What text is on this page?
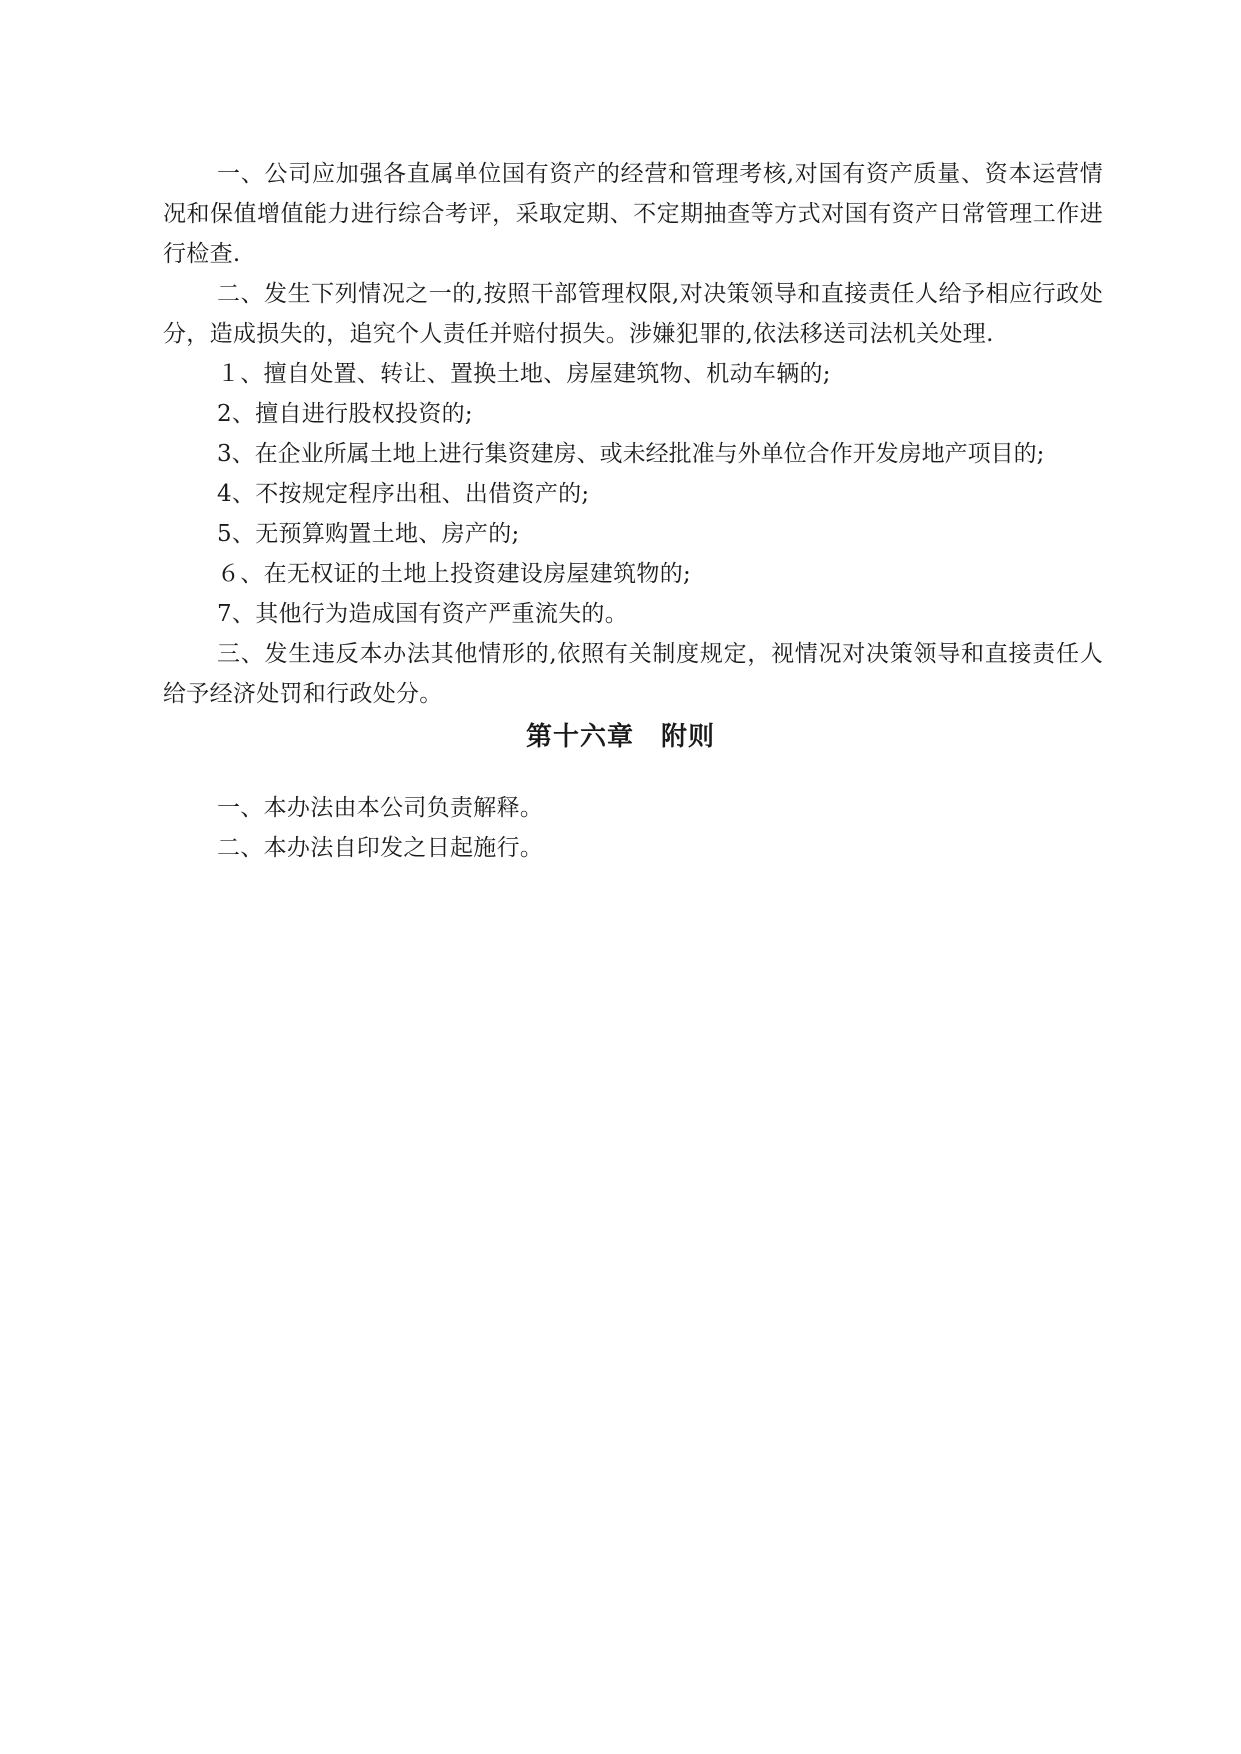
一、公司应加强各直属单位国有资产的经营和管理考核,对国有资产质量、资本运营情况和保值增值能力进行综合考评，采取定期、不定期抽查等方式对国有资产日常管理工作进行检查.

二、发生下列情况之一的,按照干部管理权限,对决策领导和直接责任人给予相应行政处分，造成损失的，追究个人责任并赔付损失。涉嫌犯罪的,依法移送司法机关处理.

１、擅自处置、转让、置换土地、房屋建筑物、机动车辆的;

2、擅自进行股权投资的;

3、在企业所属土地上进行集资建房、或未经批准与外单位合作开发房地产项目的;

4、不按规定程序出租、出借资产的;

5、无预算购置土地、房产的;

６、在无权证的土地上投资建设房屋建筑物的;

7、其他行为造成国有资产严重流失的。

三、发生违反本办法其他情形的,依照有关制度规定，视情况对决策领导和直接责任人给予经济处罚和行政处分。

第十六章　附则

一、本办法由本公司负责解释。

二、本办法自印发之日起施行。
